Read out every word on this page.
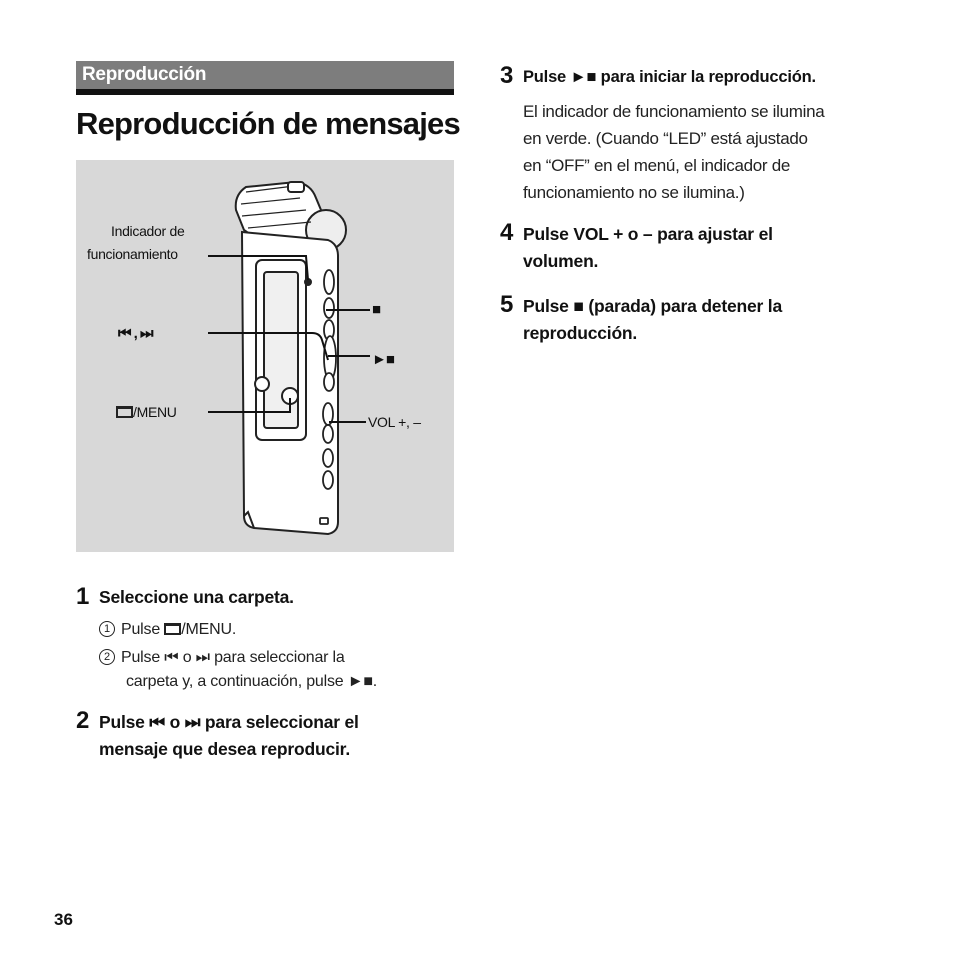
Reproducción
Reproducción de mensajes
Indicador de
funcionamiento
⏮ , ⏭
/MENU
■
►■
VOL +, –
1 Seleccione una carpeta.
1 Pulse /MENU.
2 Pulse ⏮ o ⏭ para seleccionar la
carpeta y, a continuación, pulse ►■.
2 Pulse ⏮ o ⏭ para seleccionar el
mensaje que desea reproducir.
3 Pulse ►■ para iniciar la reproducción.
El indicador de funcionamiento se ilumina
en verde. (Cuando “LED” está ajustado
en “OFF” en el menú, el indicador de
funcionamiento no se ilumina.)
4 Pulse VOL + o – para ajustar el
volumen.
5 Pulse ■ (parada) para detener la
reproducción.
36
